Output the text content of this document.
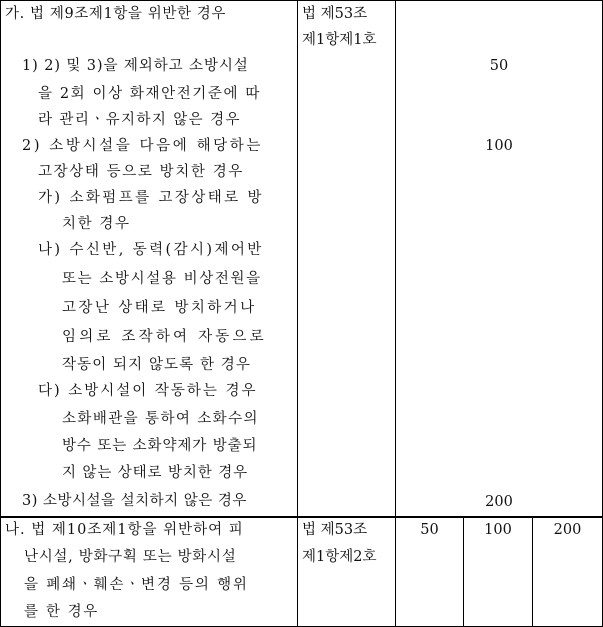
가. 법 제9조제1항을 위반한 경우
1) 2) 및 3)을 제외하고 소방시설
을 2회 이상 화재안전기준에 따
라 관리ㆍ유지하지 않은 경우
2) 소방시설을 다음에 해당하는
고장상태 등으로 방치한 경우
가) 소화펌프를 고장상태로 방
치한 경우
나) 수신반, 동력(감시)제어반
또는 소방시설용 비상전원을
고장난 상태로 방치하거나
임의로 조작하여 자동으로
작동이 되지 않도록 한 경우
다) 소방시설이 작동하는 경우
소화배관을 통하여 소화수의
방수 또는 소화약제가 방출되
지 않는 상태로 방치한 경우
3) 소방시설을 설치하지 않은 경우
법 제53조
제1항제1호
50
100
200
나. 법 제10조제1항을 위반하여 피
난시설, 방화구획 또는 방화시설
을 폐쇄ㆍ훼손ㆍ변경 등의 행위
를 한 경우
법 제53조
제1항제2호
50	100	200
